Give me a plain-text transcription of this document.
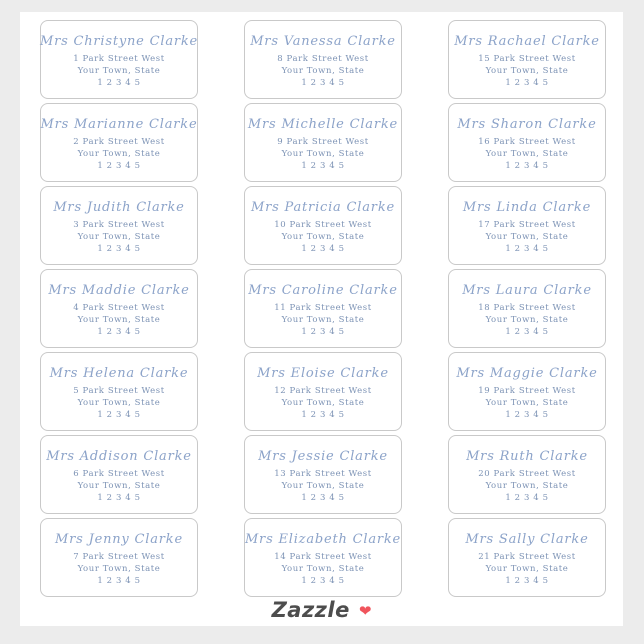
Mrs Christyne Clarke
1 Park Street West
Your Town, State
1 2 3 4 5
Mrs Marianne Clarke
2 Park Street West
Your Town, State
1 2 3 4 5
Mrs Judith Clarke
3 Park Street West
Your Town, State
1 2 3 4 5
Mrs Maddie Clarke
4 Park Street West
Your Town, State
1 2 3 4 5
Mrs Helena Clarke
5 Park Street West
Your Town, State
1 2 3 4 5
Mrs Addison Clarke
6 Park Street West
Your Town, State
1 2 3 4 5
Mrs Jenny Clarke
7 Park Street West
Your Town, State
1 2 3 4 5
Mrs Vanessa Clarke
8 Park Street West
Your Town, State
1 2 3 4 5
Mrs Michelle Clarke
9 Park Street West
Your Town, State
1 2 3 4 5
Mrs Patricia Clarke
10 Park Street West
Your Town, State
1 2 3 4 5
Mrs Caroline Clarke
11 Park Street West
Your Town, State
1 2 3 4 5
Mrs Eloise Clarke
12 Park Street West
Your Town, State
1 2 3 4 5
Mrs Jessie Clarke
13 Park Street West
Your Town, State
1 2 3 4 5
Mrs Elizabeth Clarke
14 Park Street West
Your Town, State
1 2 3 4 5
Mrs Rachael Clarke
15 Park Street West
Your Town, State
1 2 3 4 5
Mrs Sharon Clarke
16 Park Street West
Your Town, State
1 2 3 4 5
Mrs Linda Clarke
17 Park Street West
Your Town, State
1 2 3 4 5
Mrs Laura Clarke
18 Park Street West
Your Town, State
1 2 3 4 5
Mrs Maggie Clarke
19 Park Street West
Your Town, State
1 2 3 4 5
Mrs Ruth Clarke
20 Park Street West
Your Town, State
1 2 3 4 5
Mrs Sally Clarke
21 Park Street West
Your Town, State
1 2 3 4 5
Zazzle ❤
